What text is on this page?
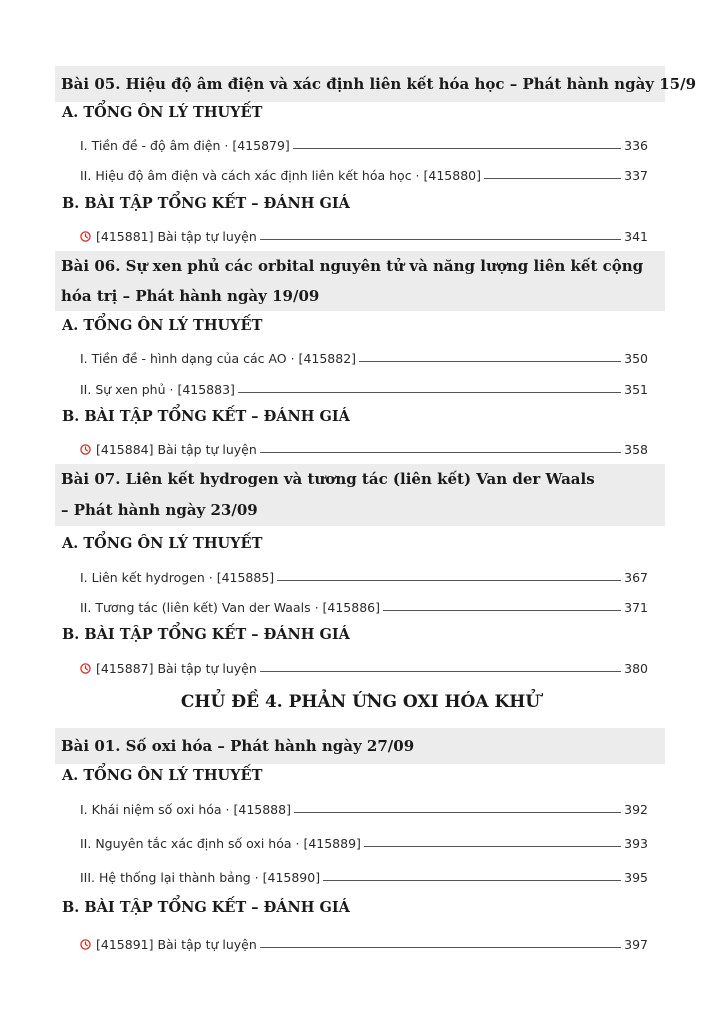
Bài 05. Hiệu độ âm điện và xác định liên kết hóa học – Phát hành ngày 15/9
A. TỔNG ÔN LÝ THUYẾT
I. Tiền đề - độ âm điện · [415879]	336
II. Hiệu độ âm điện và cách xác định liên kết hóa học · [415880]	337
B. BÀI TẬP TỔNG KẾT – ĐÁNH GIÁ
[415881] Bài tập tự luyện	341
Bài 06. Sự xen phủ các orbital nguyên tử và năng lượng liên kết cộng
hóa trị – Phát hành ngày 19/09
A. TỔNG ÔN LÝ THUYẾT
I. Tiền đề - hình dạng của các AO · [415882]	350
II. Sự xen phủ · [415883]	351
B. BÀI TẬP TỔNG KẾT – ĐÁNH GIÁ
[415884] Bài tập tự luyện	358
Bài 07. Liên kết hydrogen và tương tác (liên kết) Van der Waals
– Phát hành ngày 23/09
A. TỔNG ÔN LÝ THUYẾT
I. Liên kết hydrogen · [415885]	367
II. Tương tác (liên kết) Van der Waals · [415886]	371
B. BÀI TẬP TỔNG KẾT – ĐÁNH GIÁ
[415887] Bài tập tự luyện	380
CHỦ ĐỀ 4. PHẢN ỨNG OXI HÓA KHỬ
Bài 01. Số oxi hóa – Phát hành ngày 27/09
A. TỔNG ÔN LÝ THUYẾT
I. Khái niệm số oxi hóa · [415888]	392
II. Nguyên tắc xác định số oxi hóa · [415889]	393
III. Hệ thống lại thành bảng · [415890]	395
B. BÀI TẬP TỔNG KẾT – ĐÁNH GIÁ
[415891] Bài tập tự luyện	397
